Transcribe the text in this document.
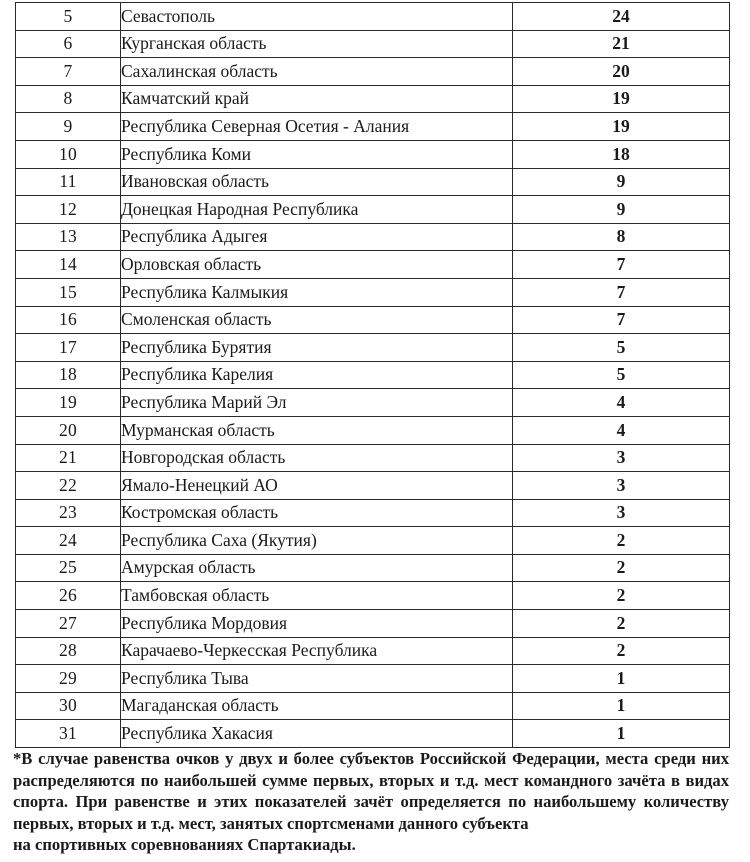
5	Севастополь	24
6	Курганская область	21
7	Сахалинская область	20
8	Камчатский край	19
9	Республика Северная Осетия - Алания	19
10	Республика Коми	18
11	Ивановская область	9
12	Донецкая Народная Республика	9
13	Республика Адыгея	8
14	Орловская область	7
15	Республика Калмыкия	7
16	Смоленская область	7
17	Республика Бурятия	5
18	Республика Карелия	5
19	Республика Марий Эл	4
20	Мурманская область	4
21	Новгородская область	3
22	Ямало-Ненецкий АО	3
23	Костромская область	3
24	Республика Саха (Якутия)	2
25	Амурская область	2
26	Тамбовская область	2
27	Республика Мордовия	2
28	Карачаево-Черкесская Республика	2
29	Республика Тыва	1
30	Магаданская область	1
31	Республика Хакасия	1

*В случае равенства очков у двух и более субъектов Российской Федерации, места среди них распределяются по наибольшей сумме первых, вторых и т.д. мест командного зачёта в видах спорта. При равенстве и этих показателей зачёт определяется по наибольшему количеству первых, вторых и т.д. мест, занятых спортсменами данного субъекта

на спортивных соревнованиях Спартакиады.
